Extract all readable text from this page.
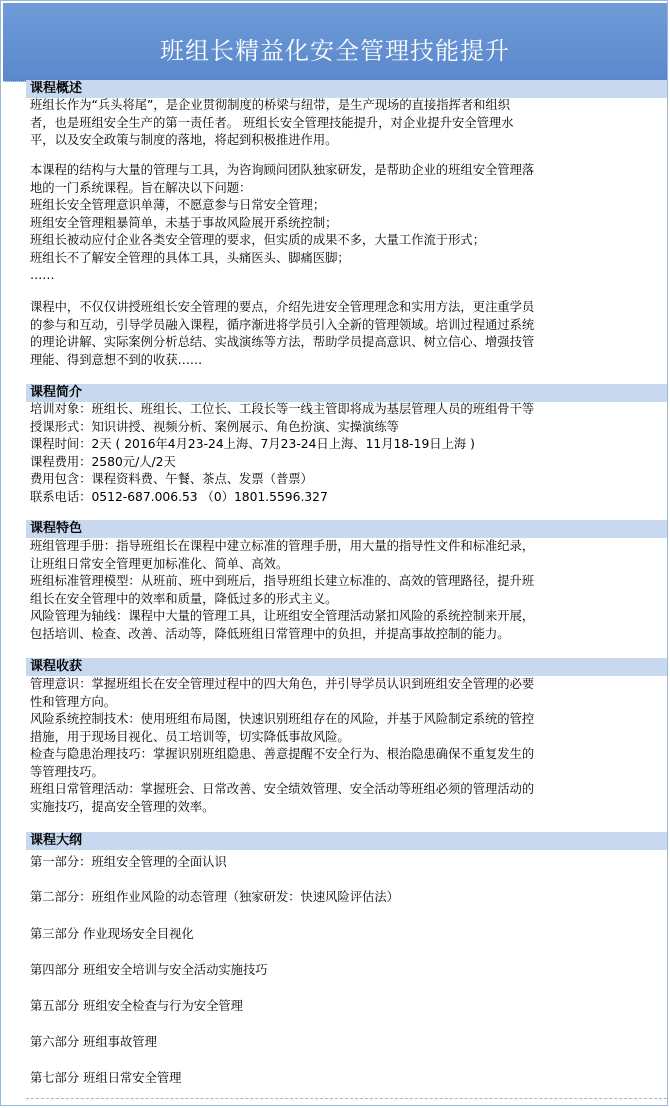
班组长精益化安全管理技能提升
课程概述
班组长作为“兵头将尾”，是企业贯彻制度的桥梁与纽带，是生产现场的直接指挥者和组织
者，也是班组安全生产的第一责任者。 班组长安全管理技能提升，对企业提升安全管理水
平，以及安全政策与制度的落地，将起到积极推进作用。
本课程的结构与大量的管理与工具，为咨询顾问团队独家研发，是帮助企业的班组安全管理落
地的一门系统课程。旨在解决以下问题：
班组长安全管理意识单薄，不愿意参与日常安全管理；
班组安全管理粗暴简单，未基于事故风险展开系统控制；
班组长被动应付企业各类安全管理的要求，但实质的成果不多，大量工作流于形式；
班组长不了解安全管理的具体工具，头痛医头、脚痛医脚；
……
课程中，不仅仅讲授班组长安全管理的要点，介绍先进安全管理理念和实用方法，更注重学员
的参与和互动，引导学员融入课程，循序渐进将学员引入全新的管理领域。培训过程通过系统
的理论讲解、实际案例分析总结、实战演练等方法，帮助学员提高意识、树立信心、增强技管
理能、得到意想不到的收获……
课程简介
培训对象：班组长、班组长、工位长、工段长等一线主管即将成为基层管理人员的班组骨干等
授课形式：知识讲授、视频分析、案例展示、角色扮演、实操演练等
课程时间：2天 ( 2016年4月23-24上海、7月23-24日上海、11月18-19日上海 )
课程费用：2580元/人/2天
费用包含：课程资料费、午餐、茶点、发票（普票）
联系电话：0512-687.006.53 （0）1801.5596.327
课程特色
班组管理手册：指导班组长在课程中建立标准的管理手册，用大量的指导性文件和标准纪录，
让班组日常安全管理更加标准化、简单、高效。
班组标准管理模型：从班前、班中到班后，指导班组长建立标准的、高效的管理路径，提升班
组长在安全管理中的效率和质量，降低过多的形式主义。
风险管理为轴线：课程中大量的管理工具，让班组安全管理活动紧扣风险的系统控制来开展，
包括培训、检查、改善、活动等，降低班组日常管理中的负担，并提高事故控制的能力。
课程收获
管理意识：掌握班组长在安全管理过程中的四大角色，并引导学员认识到班组安全管理的必要
性和管理方向。
风险系统控制技术：使用班组布局图，快速识别班组存在的风险，并基于风险制定系统的管控
措施，用于现场目视化、员工培训等，切实降低事故风险。
检查与隐患治理技巧：掌握识别班组隐患、善意提醒不安全行为、根治隐患确保不重复发生的
等管理技巧。
班组日常管理活动：掌握班会、日常改善、安全绩效管理、安全活动等班组必须的管理活动的
实施技巧，提高安全管理的效率。
课程大纲
第一部分：班组安全管理的全面认识
第二部分：班组作业风险的动态管理（独家研发：快速风险评估法）
第三部分 作业现场安全目视化
第四部分 班组安全培训与安全活动实施技巧
第五部分 班组安全检查与行为安全管理
第六部分 班组事故管理
第七部分 班组日常安全管理
